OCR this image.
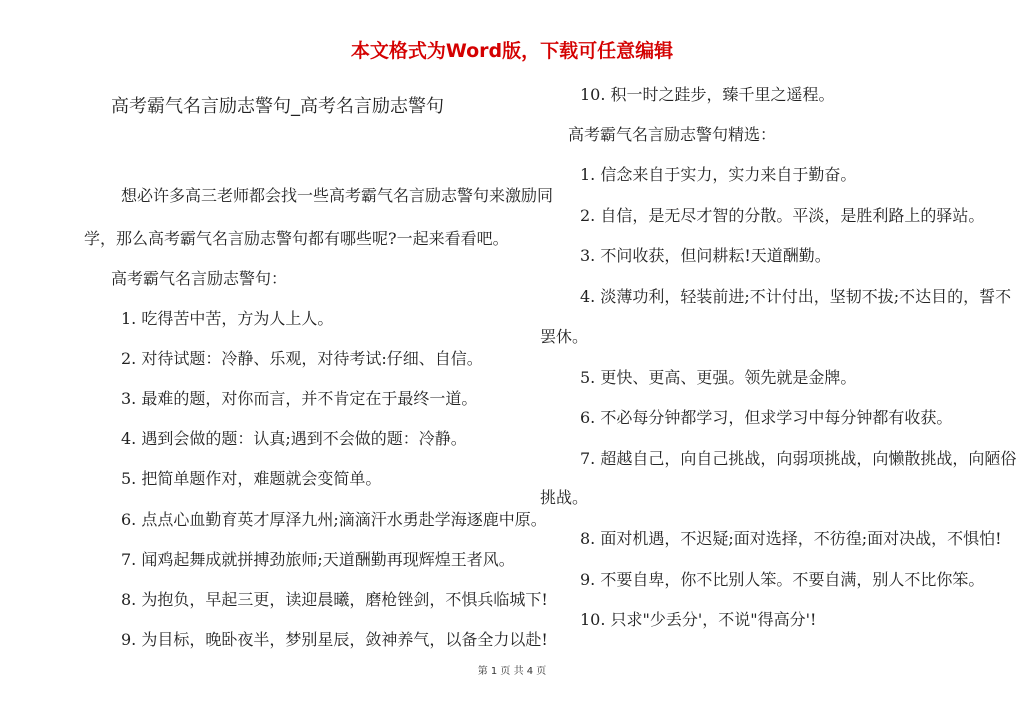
本文格式为Word版，下载可任意编辑
高考霸气名言励志警句_高考名言励志警句
想必许多高三老师都会找一些高考霸气名言励志警句来激励同
学，那么高考霸气名言励志警句都有哪些呢?一起来看看吧。
高考霸气名言励志警句：
1. 吃得苦中苦，方为人上人。
2. 对待试题：冷静、乐观，对待考试:仔细、自信。
3. 最难的题，对你而言，并不肯定在于最终一道。
4. 遇到会做的题：认真;遇到不会做的题：冷静。
5. 把简单题作对，难题就会变简单。
6. 点点心血勤育英才厚泽九州;滴滴汗水勇赴学海逐鹿中原。
7. 闻鸡起舞成就拼搏劲旅师;天道酬勤再现辉煌王者风。
8. 为抱负，早起三更，读迎晨曦，磨枪锉剑，不惧兵临城下!
9. 为目标，晚卧夜半，梦别星辰，敛神养气，以备全力以赴!
10. 积一时之跬步，臻千里之遥程。
高考霸气名言励志警句精选：
1. 信念来自于实力，实力来自于勤奋。
2. 自信，是无尽才智的分散。平淡，是胜利路上的驿站。
3. 不问收获，但问耕耘!天道酬勤。
4. 淡薄功利，轻装前进;不计付出，坚韧不拔;不达目的，誓不
罢休。
5. 更快、更高、更强。领先就是金牌。
6. 不必每分钟都学习，但求学习中每分钟都有收获。
7. 超越自己，向自己挑战，向弱项挑战，向懒散挑战，向陋俗
挑战。
8. 面对机遇，不迟疑;面对选择，不彷徨;面对决战，不惧怕!
9. 不要自卑，你不比别人笨。不要自满，别人不比你笨。
10. 只求"少丢分'，不说"得高分'!
第 1 页 共 4 页
